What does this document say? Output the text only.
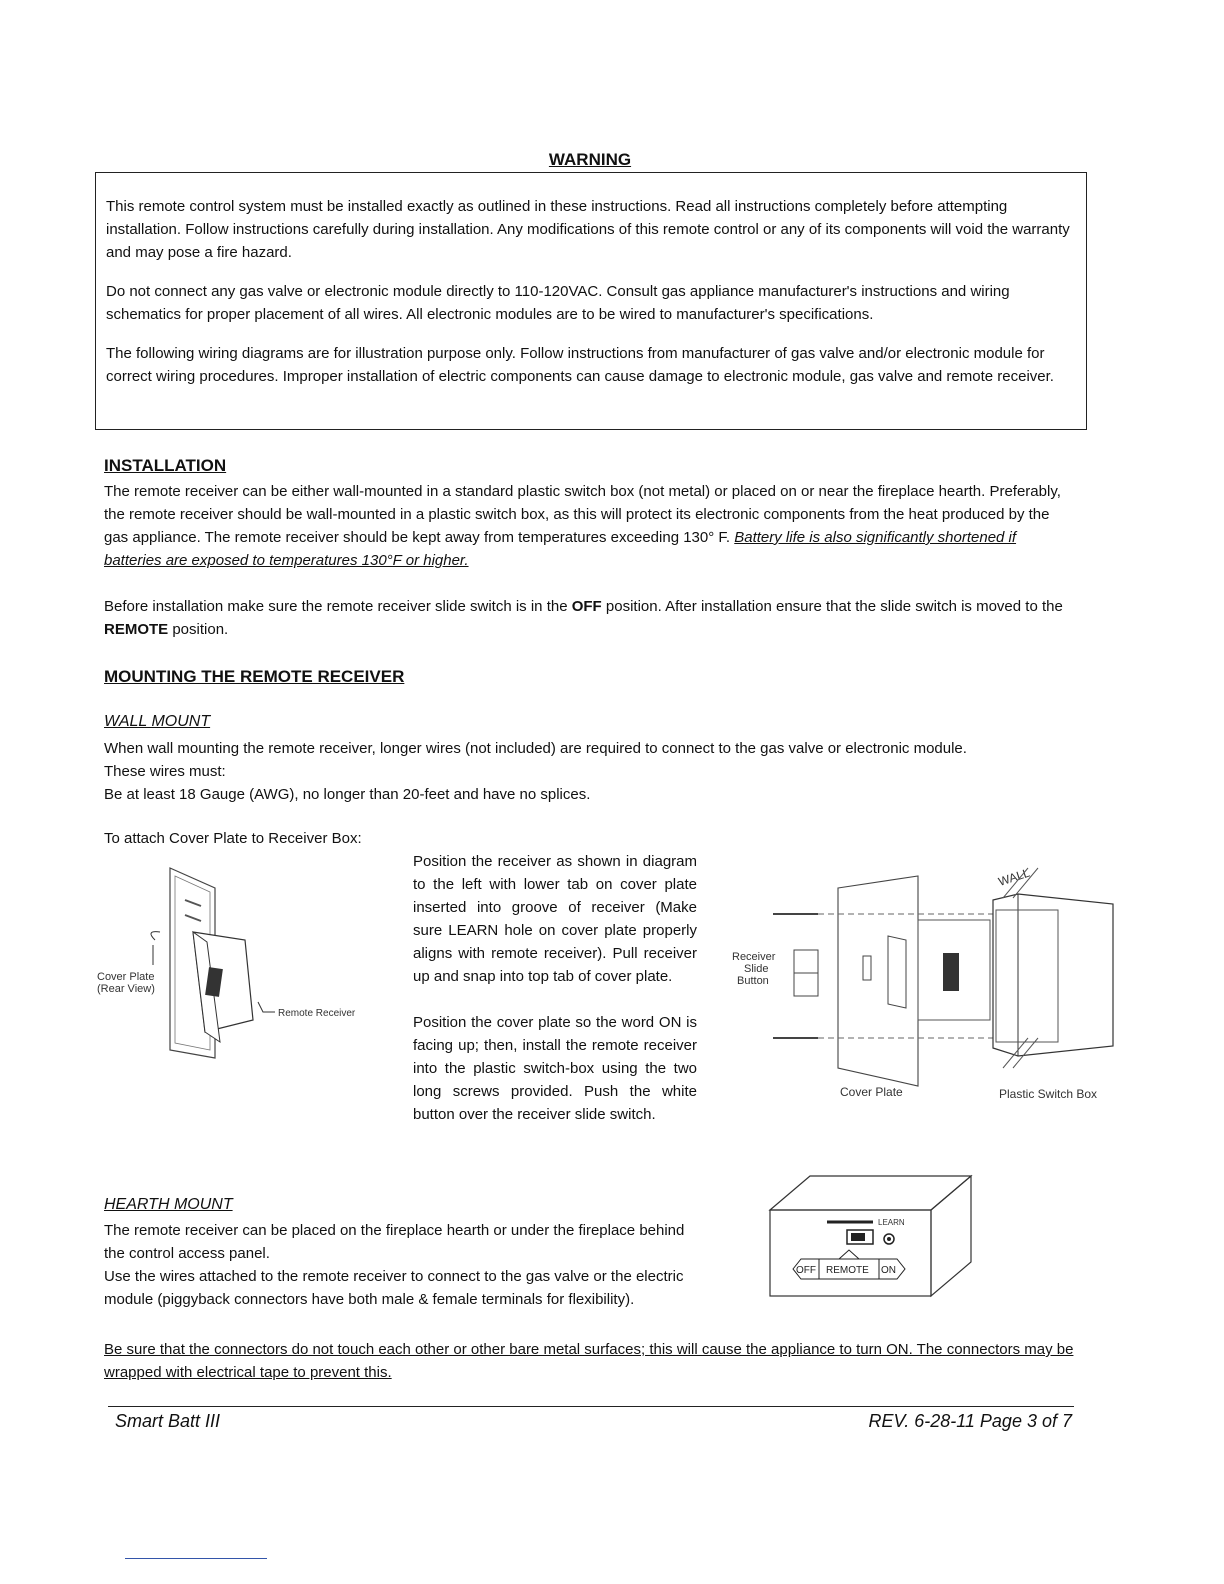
WARNING

This remote control system must be installed exactly as outlined in these instructions. Read all instructions completely before attempting installation. Follow instructions carefully during installation. Any modifications of this remote control or any of its components will void the warranty and may pose a fire hazard.

Do not connect any gas valve or electronic module directly to 110-120VAC. Consult gas appliance manufacturer's instructions and wiring schematics for proper placement of all wires. All electronic modules are to be wired to manufacturer's specifications.

The following wiring diagrams are for illustration purpose only. Follow instructions from manufacturer of gas valve and/or electronic module for correct wiring procedures. Improper installation of electric components can cause damage to electronic module, gas valve and remote receiver.

INSTALLATION

The remote receiver can be either wall-mounted in a standard plastic switch box (not metal) or placed on or near the fireplace hearth. Preferably, the remote receiver should be wall-mounted in a plastic switch box, as this will protect its electronic components from the heat produced by the gas appliance. The remote receiver should be kept away from temperatures exceeding 130° F. Battery life is also significantly shortened if batteries are exposed to temperatures 130°F or higher.

Before installation make sure the remote receiver slide switch is in the OFF position. After installation ensure that the slide switch is moved to the REMOTE position.

MOUNTING THE REMOTE RECEIVER
WALL MOUNT

When wall mounting the remote receiver, longer wires (not included) are required to connect to the gas valve or electronic module.

These wires must:

Be at least 18 Gauge (AWG), no longer than 20-feet and have no splices.

To attach Cover Plate to Receiver Box:

Position the receiver as shown in diagram to the left with lower tab on cover plate inserted into groove of receiver (Make sure LEARN hole on cover plate properly aligns with remote receiver). Pull receiver up and snap into top tab of cover plate.

Position the cover plate so the word ON is facing up; then, install the remote receiver into the plastic switch-box using the two long screws provided. Push the white button over the receiver slide switch.

Cover Plate
(Rear View)
Remote Receiver
WALL
Receiver
Slide
Button
Cover Plate	Plastic Switch Box
HEARTH MOUNT

The remote receiver can be placed on the fireplace hearth or under the fireplace behind the control access panel.

Use the wires attached to the remote receiver to connect to the gas valve or the electric module (piggyback connectors have both male & female terminals for flexibility).

LEARN
OFF REMOTE ON

Be sure that the connectors do not touch each other or other bare metal surfaces; this will cause the appliance to turn ON. The connectors may be wrapped with electrical tape to prevent this.

Smart Batt III	REV. 6-28-11 Page 3 of 7
